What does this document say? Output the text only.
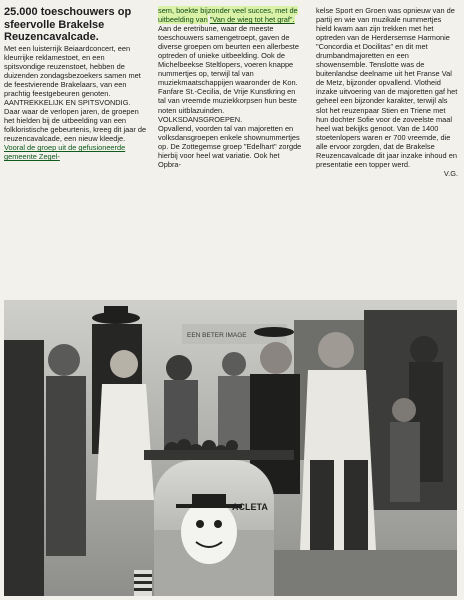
25.000 toeschouwers op sfeervolle Brakelse Reuzencavalcade.

Met een luisterrijk Beiaardconcert, een kleurrijke reklamestoet, en een spitsvondige reuzenstoet, hebben de duizenden zondagsbezoekers samen met de feestvierende Brakelaars, van een prachtig feestgebeuren genoten.

AANTREKKELIJK EN SPITSVONDIG.

Daar waar de verlopen jaren, de groepen het hielden bij de uitbeelding van een folkloristische gebeurtenis, kreeg dit jaar de reuzencavalcade, een nieuw kleedje. Vooral de groep uit de gefusioneerde gemeente Zegel-

sem, boekte bijzonder veel succes, met de uitbeelding van "Van de wieg tot het graf".

Aan de eretribune, waar de meeste toeschouwers samengetroept, gaven de diverse groepen om beurten een allerbeste optreden of unieke uitbeelding. Ook de Michelbeekse Steltlopers, voeren knappe nummertjes op, terwijl tal van muziekmaatschappijen waaronder de Kon. Fanfare St.-Cecilia, de Vrije Kunstkring en tal van vreemde muziekkorpsen hun beste noten uitblazuinden.

VOLKSDANSGROEPEN.

Opvallend, voorden tal van majoretten en volksdansgroepen enkele shownummertjes op. De Zottegemse groep "Edelhart" zorgde hierbij voor heel wat variatie. Ook het Opbra-

kelse Sport en Groen was opnieuw van de partij en wie van muzikale nummertjes hield kwam aan zijn trekken met het optreden van de Herdersemse Harmonie "Concordia et Docilitas" en dit met drumbandmajoretten en een showensemble. Tenslotte was de buitenlandse deelname uit het Franse Val de Metz, bijzonder opvallend. Vlotheid inzake uitvoering van de majoretten gaf het geheel een bijzonder karakter, terwijl als slot het reuzenpaar Stien en Triene met hun dochter Sofie voor de zoveelste maal heel wat bekijks genoot. Van de 1400 stoetenlopers waren er 700 vreemde, die alle ervoor zorgden, dat de Brakelse Reuzencavalcade dit jaar inzake inhoud en presentatie een topper werd.

V.G.

EEN BETER IMAGE
ACLETA
